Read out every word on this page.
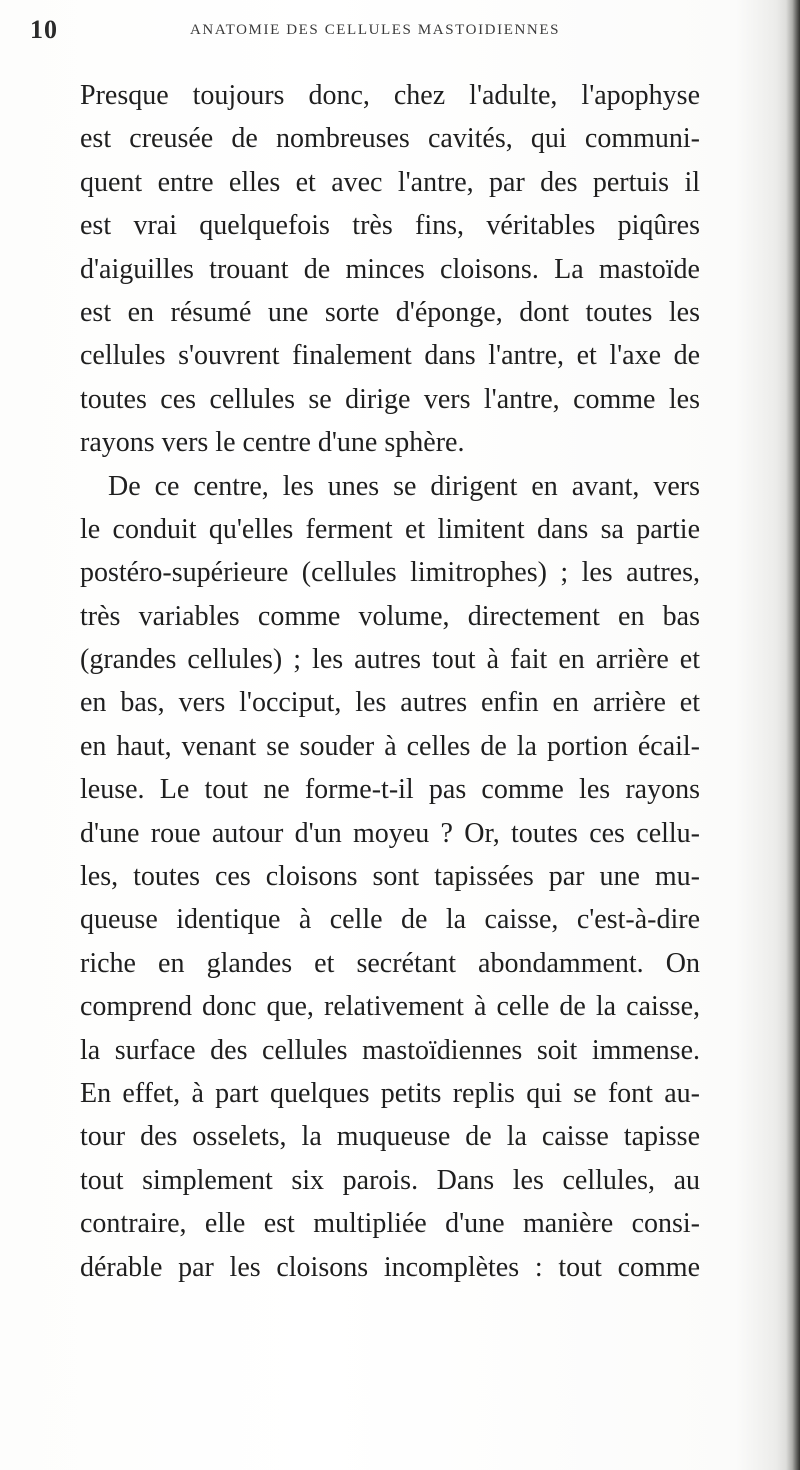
10	ANATOMIE DES CELLULES MASTOIDIENNES
Presque toujours donc, chez l'adulte, l'apophyse
est creusée de nombreuses cavités, qui communi-
quent entre elles et avec l'antre, par des pertuis il
est vrai quelquefois très fins, véritables piqûres
d'aiguilles trouant de minces cloisons. La mastoïde
est en résumé une sorte d'éponge, dont toutes les
cellules s'ouvrent finalement dans l'antre, et l'axe de
toutes ces cellules se dirige vers l'antre, comme les
rayons vers le centre d'une sphère.
De ce centre, les unes se dirigent en avant, vers
le conduit qu'elles ferment et limitent dans sa partie
postéro-supérieure (cellules limitrophes) ; les autres,
très variables comme volume, directement en bas
(grandes cellules) ; les autres tout à fait en arrière et
en bas, vers l'occiput, les autres enfin en arrière et
en haut, venant se souder à celles de la portion écail-
leuse. Le tout ne forme-t-il pas comme les rayons
d'une roue autour d'un moyeu ? Or, toutes ces cellu-
les, toutes ces cloisons sont tapissées par une mu-
queuse identique à celle de la caisse, c'est-à-dire
riche en glandes et secrétant abondamment. On
comprend donc que, relativement à celle de la caisse,
la surface des cellules mastoïdiennes soit immense.
En effet, à part quelques petits replis qui se font au-
tour des osselets, la muqueuse de la caisse tapisse
tout simplement six parois. Dans les cellules, au
contraire, elle est multipliée d'une manière consi-
dérable par les cloisons incomplètes : tout comme
